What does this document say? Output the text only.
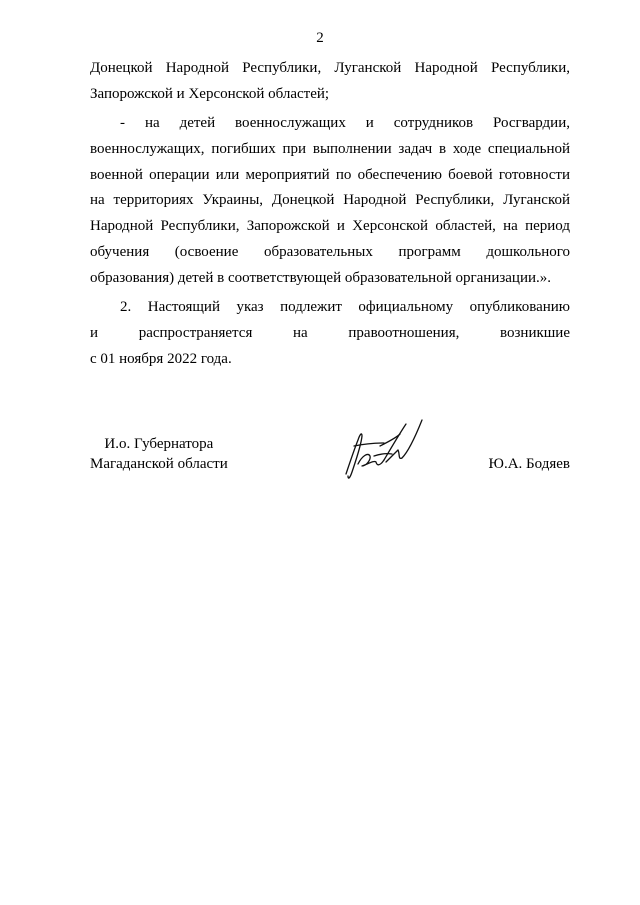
2
Донецкой Народной Республики, Луганской Народной Республики,
Запорожской и Херсонской областей;
- на детей военнослужащих и сотрудников Росгвардии,
военнослужащих, погибших при выполнении задач в ходе специальной
военной операции или мероприятий по обеспечению боевой готовности
на территориях Украины, Донецкой Народной Республики, Луганской
Народной Республики, Запорожской и Херсонской областей, на период
обучения (освоение образовательных программ дошкольного
образования) детей в соответствующей образовательной организации.».
2. Настоящий указ подлежит официальному опубликованию
и распространяется на правоотношения, возникшие
с 01 ноября 2022 года.
И.о. Губернатора
Магаданской области	Ю.А. Бодяев
